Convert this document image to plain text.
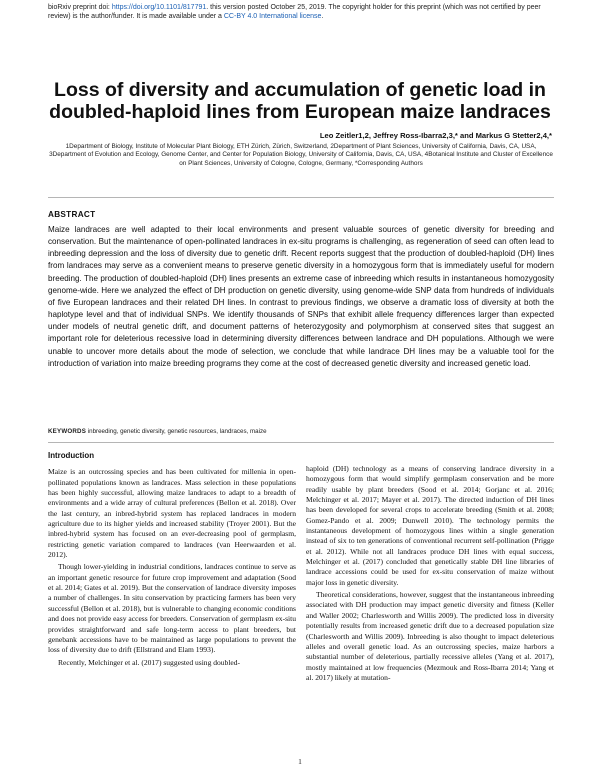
bioRxiv preprint doi: https://doi.org/10.1101/817791. this version posted October 25, 2019. The copyright holder for this preprint (which was not certified by peer review) is the author/funder. It is made available under a CC-BY 4.0 International license.
Loss of diversity and accumulation of genetic load in doubled-haploid lines from European maize landraces
Leo Zeitler1,2, Jeffrey Ross-Ibarra2,3,* and Markus G Stetter2,4,*
1Department of Biology, Institute of Molecular Plant Biology, ETH Zürich, Zürich, Switzerland, 2Department of Plant Sciences, University of California, Davis, CA, USA, 3Department of Evolution and Ecology, Genome Center, and Center for Population Biology, University of California, Davis, CA, USA, 4Botanical Institute and Cluster of Excellence on Plant Sciences, University of Cologne, Cologne, Germany, *Corresponding Authors
ABSTRACT

Maize landraces are well adapted to their local environments and present valuable sources of genetic diversity for breeding and conservation. But the maintenance of open-pollinated landraces in ex-situ programs is challenging, as regeneration of seed can often lead to inbreeding depression and the loss of diversity due to genetic drift. Recent reports suggest that the production of doubled-haploid (DH) lines from landraces may serve as a convenient means to preserve genetic diversity in a homozygous form that is immediately useful for modern breeding. The production of doubled-haploid (DH) lines presents an extreme case of inbreeding which results in instantaneous homozygosity genome-wide. Here we analyzed the effect of DH production on genetic diversity, using genome-wide SNP data from hundreds of individuals of five European landraces and their related DH lines. In contrast to previous findings, we observe a dramatic loss of diversity at both the haplotype level and that of individual SNPs. We identify thousands of SNPs that exhibit allele frequency differences larger than expected under models of neutral genetic drift, and document patterns of heterozygosity and polymorphism at conserved sites that suggest an important role for deleterious recessive load in determining diversity differences between landrace and DH populations. Although we were unable to uncover more details about the mode of selection, we conclude that while landrace DH lines may be a valuable tool for the introduction of variation into maize breeding programs they come at the cost of decreased genetic diversity and increased genetic load.

KEYWORDS inbreeding, genetic diversity, genetic resources, landraces, maize
Introduction

Maize is an outcrossing species and has been cultivated for millenia in open-pollinated populations known as landraces. Mass selection in these populations has been highly successful, allowing maize landraces to adapt to a breadth of environments and a wide array of cultural preferences (Bellon et al. 2018). Over the last century, an inbred-hybrid system has replaced landraces in modern agriculture due to its higher yields and increased stability (Troyer 2001). But the inbred-hybrid system has focused on an ever-decreasing pool of germplasm, restricting genetic variation compared to landraces (van Heerwaarden et al. 2012).

Though lower-yielding in industrial conditions, landraces continue to serve as an important genetic resource for future crop improvement and adaptation (Sood et al. 2014; Gates et al. 2019). But the conservation of landrace diversity imposes a number of challenges. In situ conservation by practicing farmers has been very successful (Bellon et al. 2018), but is vulnerable to changing economic conditions and does not provide easy access for breeders. Conservation of germplasm ex-situ provides straightforward and safe long-term access to plant breeders, but genebank accessions have to be maintained as large populations to prevent the loss of diversity due to drift (Ellstrand and Elam 1993).

Recently, Melchinger et al. (2017) suggested using doubled-

haploid (DH) technology as a means of conserving landrace diversity in a homozygous form that would simplify germplasm conservation and be more readily usable by plant breeders (Sood et al. 2014; Gorjanc et al. 2016; Melchinger et al. 2017; Mayer et al. 2017). The directed induction of DH lines has been developed for several crops to accelerate breeding (Smith et al. 2008; Gomez-Pando et al. 2009; Dunwell 2010). The technology permits the instantaneous development of homozygous lines within a single generation instead of six to ten generations of conventional recurrent self-pollination (Prigge et al. 2012). While not all landraces produce DH lines with equal success, Melchinger et al. (2017) concluded that genetically stable DH line libraries of landrace accessions could be used for ex-situ conservation of maize without major loss in genetic diversity.

Theoretical considerations, however, suggest that the instantaneous inbreeding associated with DH production may impact genetic diversity and fitness (Keller and Waller 2002; Charlesworth and Willis 2009). The predicted loss in diversity potentially results from increased genetic drift due to a decreased population size (Charlesworth and Willis 2009). Inbreeding is also thought to impact deleterious alleles and overall genetic load. As an outcrossing species, maize harbors a substantial number of deleterious, partially recessive alleles (Yang et al. 2017), mostly maintained at low frequencies (Mezmouk and Ross-Ibarra 2014; Yang et al. 2017) likely at mutation-

1
